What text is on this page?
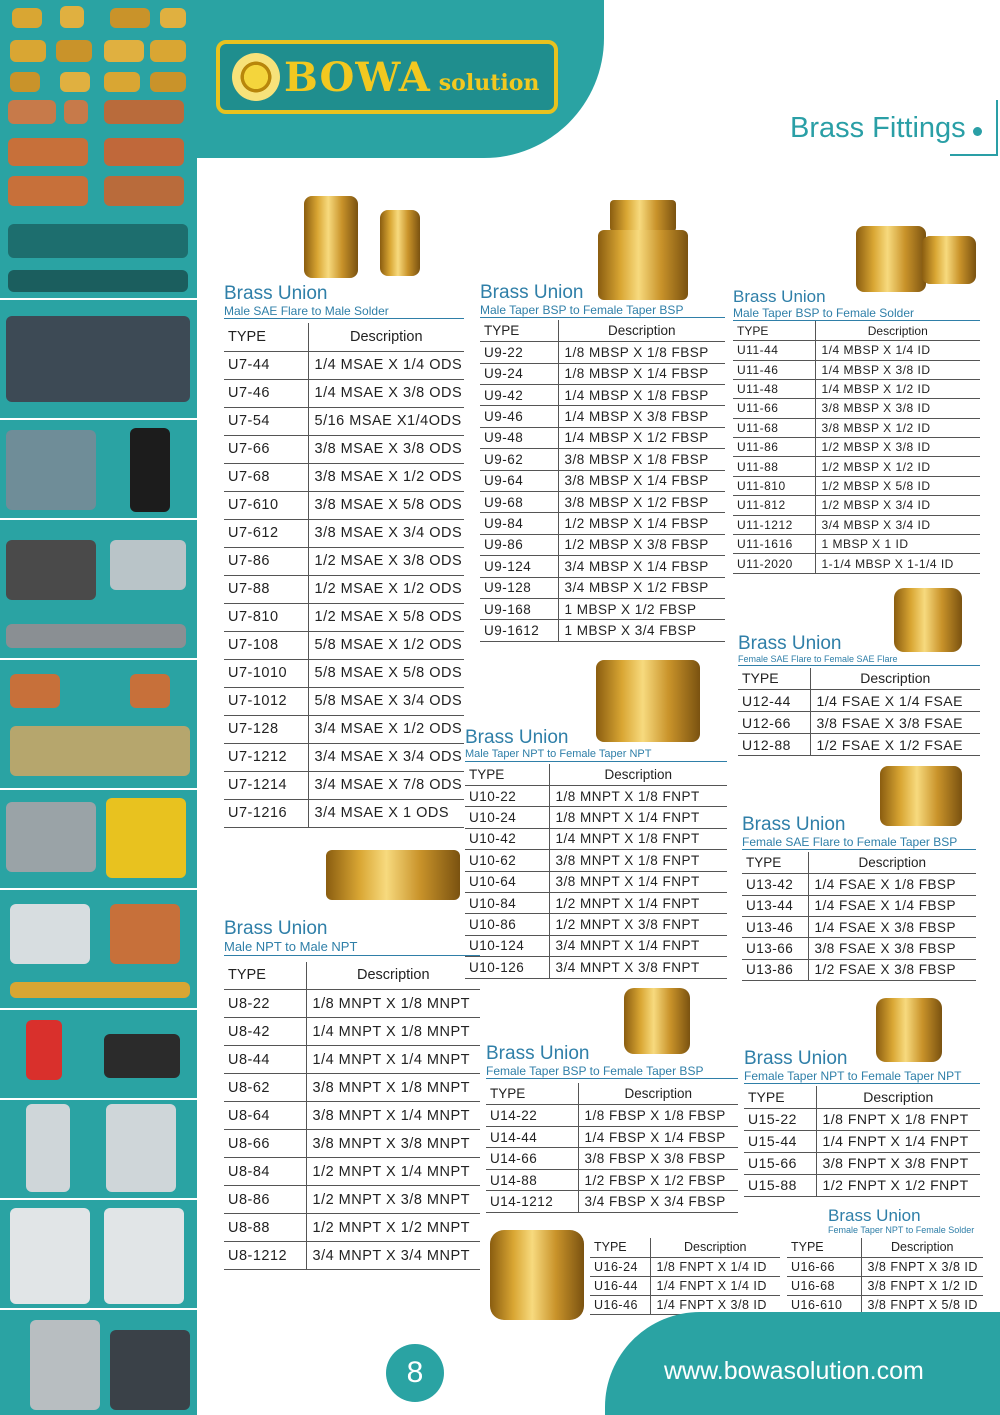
BOWA solution
Brass Fittings
Brass Union
Male SAE Flare to Male Solder
TYPE	Description
U7-44	1/4 MSAE X 1/4 ODS
U7-46	1/4 MSAE X 3/8 ODS
U7-54	5/16 MSAE X1/4ODS
U7-66	3/8 MSAE X 3/8 ODS
U7-68	3/8 MSAE X 1/2 ODS
U7-610	3/8 MSAE X 5/8 ODS
U7-612	3/8 MSAE X 3/4 ODS
U7-86	1/2 MSAE X 3/8 ODS
U7-88	1/2 MSAE X 1/2 ODS
U7-810	1/2 MSAE X 5/8 ODS
U7-108	5/8 MSAE X 1/2 ODS
U7-1010	5/8 MSAE X 5/8 ODS
U7-1012	5/8 MSAE X 3/4 ODS
U7-128	3/4 MSAE X 1/2 ODS
U7-1212	3/4 MSAE X 3/4 ODS
U7-1214	3/4 MSAE X 7/8 ODS
U7-1216	3/4 MSAE X 1 ODS
Brass Union
Male NPT to Male NPT
TYPE	Description
U8-22	1/8 MNPT X 1/8 MNPT
U8-42	1/4 MNPT X 1/8 MNPT
U8-44	1/4 MNPT X 1/4 MNPT
U8-62	3/8 MNPT X 1/8 MNPT
U8-64	3/8 MNPT X 1/4 MNPT
U8-66	3/8 MNPT X 3/8 MNPT
U8-84	1/2 MNPT X 1/4 MNPT
U8-86	1/2 MNPT X 3/8 MNPT
U8-88	1/2 MNPT X 1/2 MNPT
U8-1212	3/4 MNPT X 3/4 MNPT
Brass Union
Male Taper BSP to Female Taper BSP
TYPE	Description
U9-22	1/8 MBSP X 1/8 FBSP
U9-24	1/8 MBSP X 1/4 FBSP
U9-42	1/4 MBSP X 1/8 FBSP
U9-46	1/4 MBSP X 3/8 FBSP
U9-48	1/4 MBSP X 1/2 FBSP
U9-62	3/8 MBSP X 1/8 FBSP
U9-64	3/8 MBSP X 1/4 FBSP
U9-68	3/8 MBSP X 1/2 FBSP
U9-84	1/2 MBSP X 1/4 FBSP
U9-86	1/2 MBSP X 3/8 FBSP
U9-124	3/4 MBSP X 1/4 FBSP
U9-128	3/4 MBSP X 1/2 FBSP
U9-168	1 MBSP X 1/2 FBSP
U9-1612	1 MBSP X 3/4 FBSP
Brass Union
Male Taper NPT to Female Taper NPT
TYPE	Description
U10-22	1/8 MNPT X 1/8 FNPT
U10-24	1/8 MNPT X 1/4 FNPT
U10-42	1/4 MNPT X 1/8 FNPT
U10-62	3/8 MNPT X 1/8 FNPT
U10-64	3/8 MNPT X 1/4 FNPT
U10-84	1/2 MNPT X 1/4 FNPT
U10-86	1/2 MNPT X 3/8 FNPT
U10-124	3/4 MNPT X 1/4 FNPT
U10-126	3/4 MNPT X 3/8 FNPT
Brass Union
Male Taper BSP to Female Solder
TYPE	Description
U11-44	1/4 MBSP X 1/4 ID
U11-46	1/4 MBSP X 3/8 ID
U11-48	1/4 MBSP X 1/2 ID
U11-66	3/8 MBSP X 3/8 ID
U11-68	3/8 MBSP X 1/2 ID
U11-86	1/2 MBSP X 3/8 ID
U11-88	1/2 MBSP X 1/2 ID
U11-810	1/2 MBSP X 5/8 ID
U11-812	1/2 MBSP X 3/4 ID
U11-1212	3/4 MBSP X 3/4 ID
U11-1616	1 MBSP X 1 ID
U11-2020	1-1/4 MBSP X 1-1/4 ID
Brass Union
Female SAE Flare to Female SAE Flare
TYPE	Description
U12-44	1/4 FSAE X 1/4 FSAE
U12-66	3/8 FSAE X 3/8 FSAE
U12-88	1/2 FSAE X 1/2 FSAE
Brass Union
Female SAE Flare to Female Taper BSP
TYPE	Description
U13-42	1/4 FSAE X 1/8 FBSP
U13-44	1/4 FSAE X 1/4 FBSP
U13-46	1/4 FSAE X 3/8 FBSP
U13-66	3/8 FSAE X 3/8 FBSP
U13-86	1/2 FSAE X 3/8 FBSP
Brass Union
Female Taper BSP to Female Taper BSP
TYPE	Description
U14-22	1/8 FBSP X 1/8 FBSP
U14-44	1/4 FBSP X 1/4 FBSP
U14-66	3/8 FBSP X 3/8 FBSP
U14-88	1/2 FBSP X 1/2 FBSP
U14-1212	3/4 FBSP X 3/4 FBSP
Brass Union
Female Taper NPT to Female Taper NPT
TYPE	Description
U15-22	1/8 FNPT X 1/8 FNPT
U15-44	1/4 FNPT X 1/4 FNPT
U15-66	3/8 FNPT X 3/8 FNPT
U15-88	1/2 FNPT X 1/2 FNPT
Brass Union
Female Taper NPT to Female Solder
TYPE	Description
U16-24	1/8 FNPT X 1/4 ID
U16-44	1/4 FNPT X 1/4 ID
U16-46	1/4 FNPT X 3/8 ID
TYPE	Description
U16-66	3/8 FNPT X 3/8 ID
U16-68	3/8 FNPT X 1/2 ID
U16-610	3/8 FNPT X 5/8 ID
8	www.bowasolution.com
